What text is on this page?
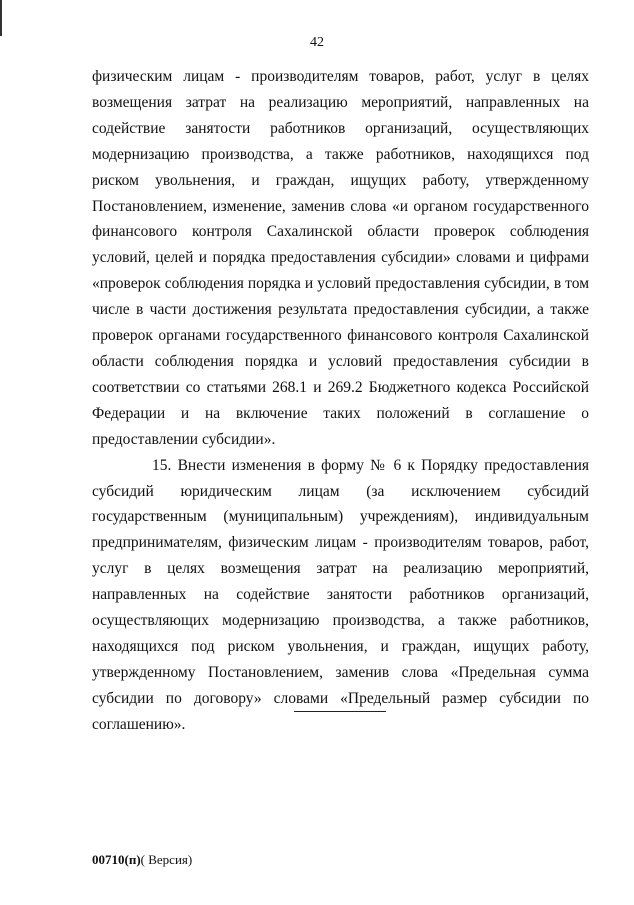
42

физическим лицам - производителям товаров, работ, услуг в целях возмещения затрат на реализацию мероприятий, направленных на содействие занятости работников организаций, осуществляющих модернизацию производства, а также работников, находящихся под риском увольнения, и граждан, ищущих работу, утвержденному Постановлением, изменение, заменив слова «и органом государственного финансового контроля Сахалинской области проверок соблюдения условий, целей и порядка предоставления субсидии» словами и цифрами «проверок соблюдения порядка и условий предоставления субсидии, в том числе в части достижения результата предоставления субсидии, а также проверок органами государственного финансового контроля Сахалинской области соблюдения порядка и условий предоставления субсидии в соответствии со статьями 268.1 и 269.2 Бюджетного кодекса Российской Федерации и на включение таких положений в соглашение о предоставлении субсидии».

15. Внести изменения в форму № 6 к Порядку предоставления субсидий юридическим лицам (за исключением субсидий государственным (муниципальным) учреждениям), индивидуальным предпринимателям, физическим лицам - производителям товаров, работ, услуг в целях возмещения затрат на реализацию мероприятий, направленных на содействие занятости работников организаций, осуществляющих модернизацию производства, а также работников, находящихся под риском увольнения, и граждан, ищущих работу, утвержденному Постановлением, заменив слова «Предельная сумма субсидии по договору» словами «Предельный размер субсидии по соглашению».

00710(п)( Версия)
